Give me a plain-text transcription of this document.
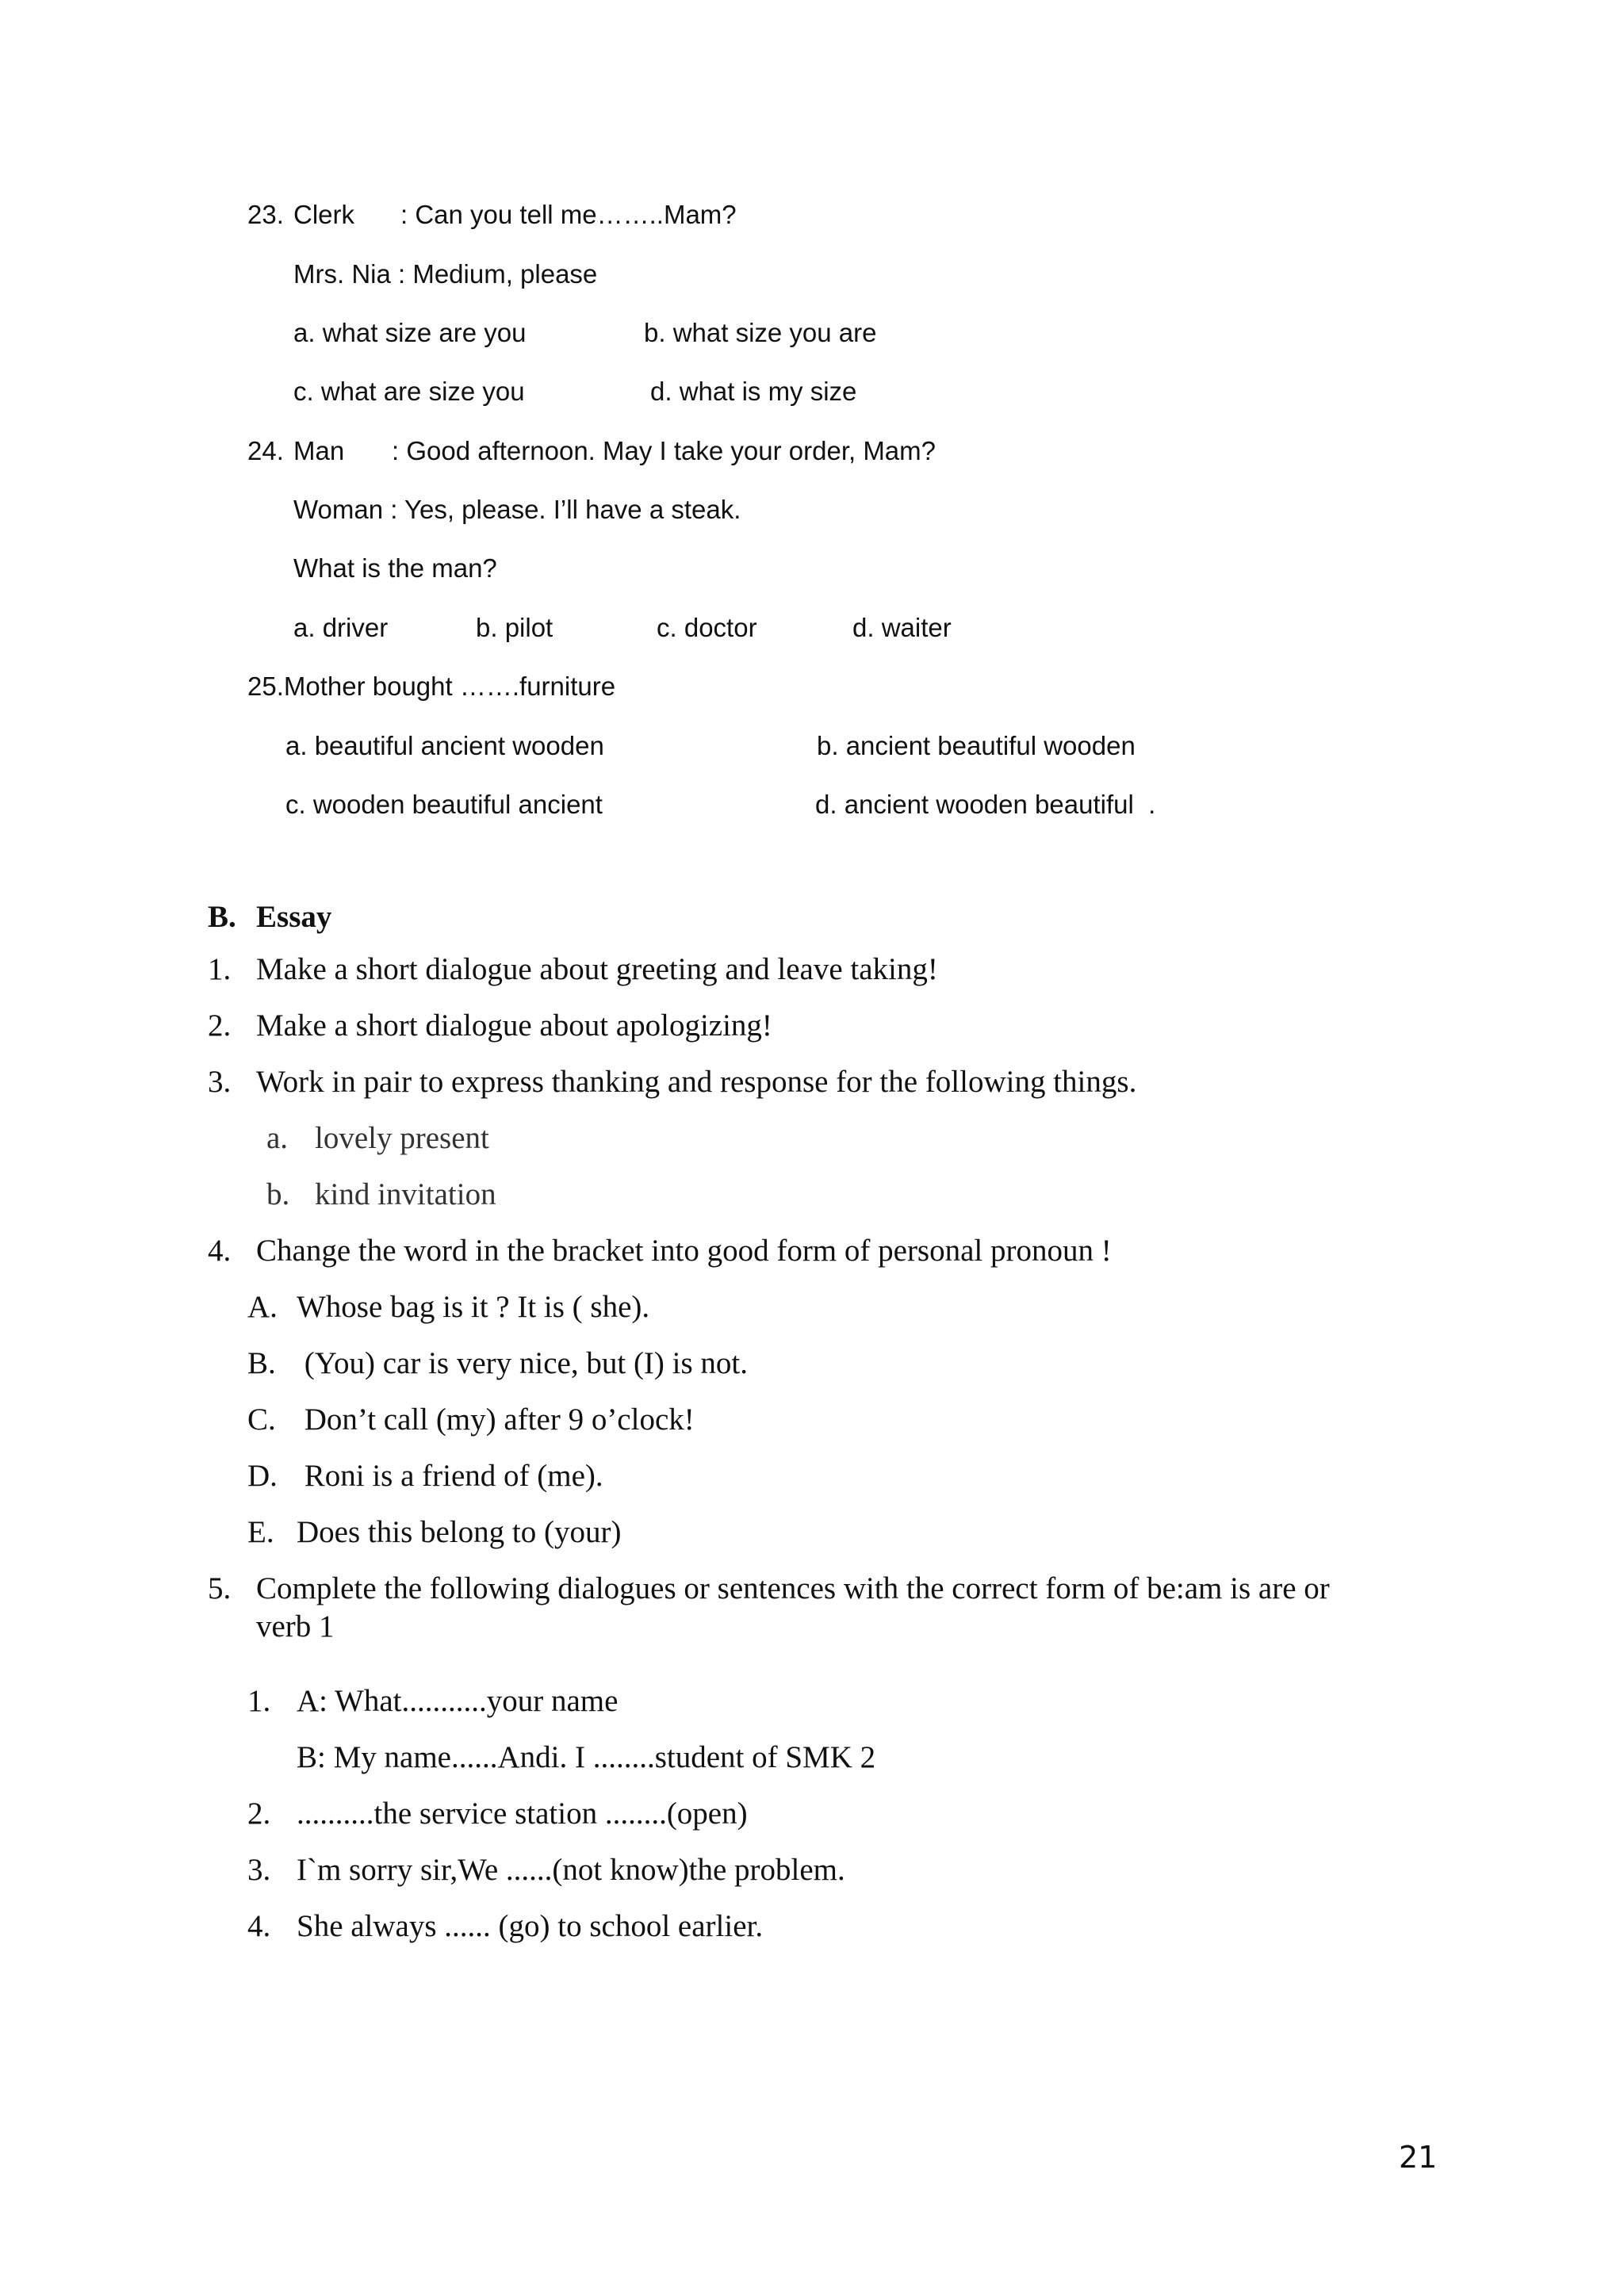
23. Clerk : Can you tell me……..Mam?
Mrs. Nia : Medium, please
a. what size are you	b. what size you are
c. what are size you	d. what is my size
24. Man : Good afternoon. May I take your order, Mam?
Woman : Yes, please. I’ll have a steak.
What is the man?
a. driver	b. pilot	c. doctor	d. waiter
25.Mother bought …….furniture
a. beautiful ancient wooden	b. ancient beautiful wooden
c. wooden beautiful ancient	d. ancient wooden beautiful  .
B. Essay
1. Make a short dialogue about greeting and leave taking!
2. Make a short dialogue about apologizing!
3. Work in pair to express thanking and response for the following things.
a. lovely present
b. kind invitation
4. Change the word in the bracket into good form of personal pronoun !
A. Whose bag is it ? It is ( she).
B. (You) car is very nice, but (I) is not.
C. Don’t call (my) after 9 o’clock!
D. Roni is a friend of (me).
E. Does this belong to (your)
5. Complete the following dialogues or sentences with the correct form of be:am is are or
verb 1
1. A: What...........your name
B: My name......Andi. I ........student of SMK 2
2. ..........the service station ........(open)
3. I`m sorry sir,We ......(not know)the problem.
4. She always ...... (go) to school earlier.
21
